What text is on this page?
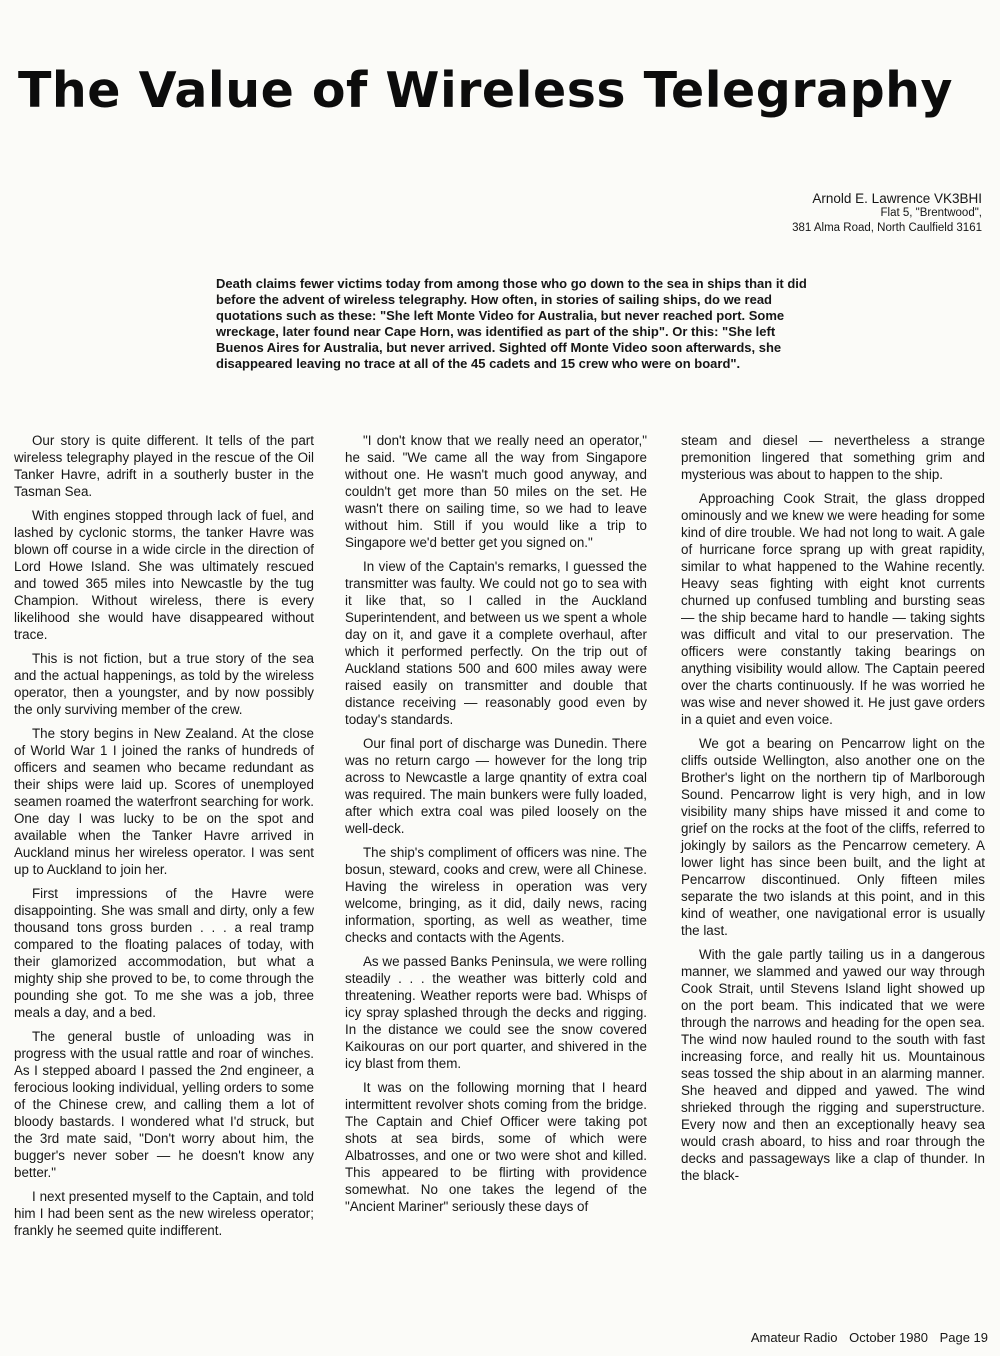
The Value of Wireless Telegraphy
Arnold E. Lawrence VK3BHI
Flat 5, "Brentwood",
381 Alma Road, North Caulfield 3161

Death claims fewer victims today from among those who go down to the sea in ships than it did before the advent of wireless telegraphy. How often, in stories of sailing ships, do we read quotations such as these: "She left Monte Video for Australia, but never reached port. Some wreckage, later found near Cape Horn, was identified as part of the ship". Or this: "She left Buenos Aires for Australia, but never arrived. Sighted off Monte Video soon afterwards, she disappeared leaving no trace at all of the 45 cadets and 15 crew who were on board".

Our story is quite different. It tells of the part wireless telegraphy played in the rescue of the Oil Tanker Havre, adrift in a southerly buster in the Tasman Sea.

With engines stopped through lack of fuel, and lashed by cyclonic storms, the tanker Havre was blown off course in a wide circle in the direction of Lord Howe Island. She was ultimately rescued and towed 365 miles into Newcastle by the tug Champion. Without wireless, there is every likelihood she would have disappeared without trace.

This is not fiction, but a true story of the sea and the actual happenings, as told by the wireless operator, then a youngster, and by now possibly the only surviving member of the crew.

The story begins in New Zealand. At the close of World War 1 I joined the ranks of hundreds of officers and seamen who became redundant as their ships were laid up. Scores of unemployed seamen roamed the waterfront searching for work. One day I was lucky to be on the spot and available when the Tanker Havre arrived in Auckland minus her wireless operator. I was sent up to Auckland to join her.

First impressions of the Havre were disappointing. She was small and dirty, only a few thousand tons gross burden . . . a real tramp compared to the floating palaces of today, with their glamorized accommodation, but what a mighty ship she proved to be, to come through the pounding she got. To me she was a job, three meals a day, and a bed.

The general bustle of unloading was in progress with the usual rattle and roar of winches. As I stepped aboard I passed the 2nd engineer, a ferocious looking individual, yelling orders to some of the Chinese crew, and calling them a lot of bloody bastards. I wondered what I'd struck, but the 3rd mate said, "Don't worry about him, the bugger's never sober — he doesn't know any better."

I next presented myself to the Captain, and told him I had been sent as the new wireless operator; frankly he seemed quite indifferent.

"I don't know that we really need an operator," he said. "We came all the way from Singapore without one. He wasn't much good anyway, and couldn't get more than 50 miles on the set. He wasn't there on sailing time, so we had to leave without him. Still if you would like a trip to Singapore we'd better get you signed on."

In view of the Captain's remarks, I guessed the transmitter was faulty. We could not go to sea with it like that, so I called in the Auckland Superintendent, and between us we spent a whole day on it, and gave it a complete overhaul, after which it performed perfectly. On the trip out of Auckland stations 500 and 600 miles away were raised easily on transmitter and double that distance receiving — reasonably good even by today's standards.

Our final port of discharge was Dunedin. There was no return cargo — however for the long trip across to Newcastle a large qnantity of extra coal was required. The main bunkers were fully loaded, after which extra coal was piled loosely on the well-deck.

The ship's compliment of officers was nine. The bosun, steward, cooks and crew, were all Chinese. Having the wireless in operation was very welcome, bringing, as it did, daily news, racing information, sporting, as well as weather, time checks and contacts with the Agents.

As we passed Banks Peninsula, we were rolling steadily . . . the weather was bitterly cold and threatening. Weather reports were bad. Whisps of icy spray splashed through the decks and rigging. In the distance we could see the snow covered Kaikouras on our port quarter, and shivered in the icy blast from them.

It was on the following morning that I heard intermittent revolver shots coming from the bridge. The Captain and Chief Officer were taking pot shots at sea birds, some of which were Albatrosses, and one or two were shot and killed. This appeared to be flirting with providence somewhat. No one takes the legend of the "Ancient Mariner" seriously these days of

steam and diesel — nevertheless a strange premonition lingered that something grim and mysterious was about to happen to the ship.

Approaching Cook Strait, the glass dropped ominously and we knew we were heading for some kind of dire trouble. We had not long to wait. A gale of hurricane force sprang up with great rapidity, similar to what happened to the Wahine recently. Heavy seas fighting with eight knot currents churned up confused tumbling and bursting seas — the ship became hard to handle — taking sights was difficult and vital to our preservation. The officers were constantly taking bearings on anything visibility would allow. The Captain peered over the charts continuously. If he was worried he was wise and never showed it. He just gave orders in a quiet and even voice.

We got a bearing on Pencarrow light on the cliffs outside Wellington, also another one on the Brother's light on the northern tip of Marlborough Sound. Pencarrow light is very high, and in low visibility many ships have missed it and come to grief on the rocks at the foot of the cliffs, referred to jokingly by sailors as the Pencarrow cemetery. A lower light has since been built, and the light at Pencarrow discontinued. Only fifteen miles separate the two islands at this point, and in this kind of weather, one navigational error is usually the last.

With the gale partly tailing us in a dangerous manner, we slammed and yawed our way through Cook Strait, until Stevens Island light showed up on the port beam. This indicated that we were through the narrows and heading for the open sea. The wind now hauled round to the south with fast increasing force, and really hit us. Mountainous seas tossed the ship about in an alarming manner. She heaved and dipped and yawed. The wind shrieked through the rigging and superstructure. Every now and then an exceptionally heavy sea would crash aboard, to hiss and roar through the decks and passageways like a clap of thunder. In the black-

Amateur Radio October 1980 Page 19
